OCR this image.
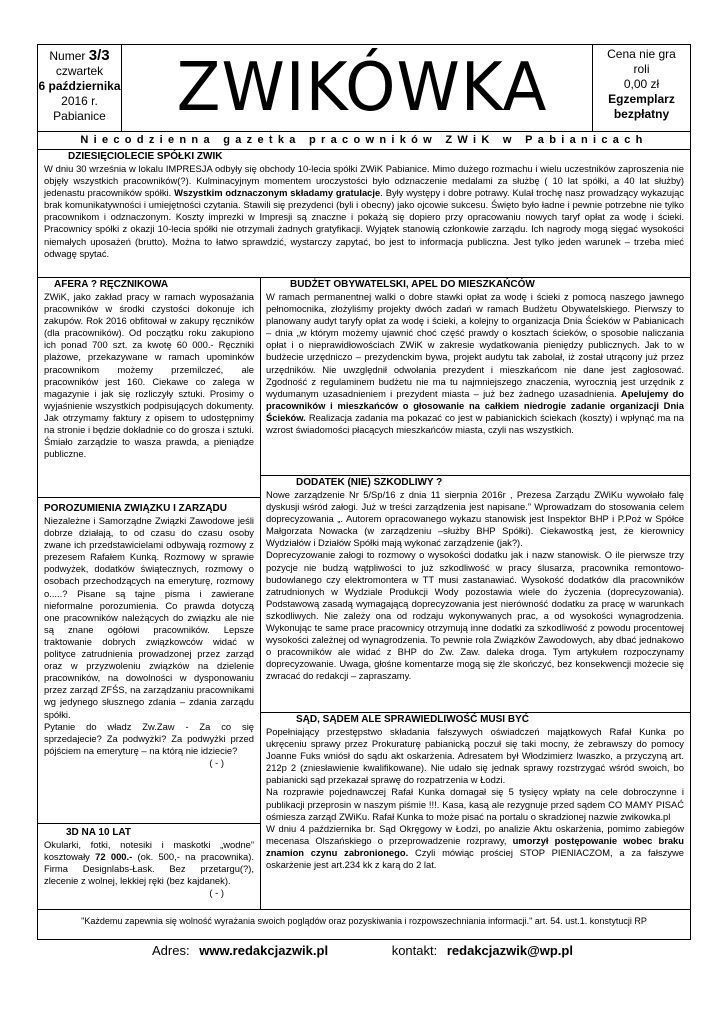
Numer 3/3
czwartek
6 października
2016 r.
Pabianice ZWIKÓWKA	Cena nie gra
roli
0,00 zł
Egzemplarz
bezpłatny
Niecodzienna gazetka pracowników ZWiK w Pabianicach
DZIESIĘCIOLECIE SPÓŁKI ZWIK

W dniu 30 września w lokalu IMPRESJA odbyły się obchody 10-lecia spółki ZWiK Pabianice. Mimo dużego rozmachu i wielu uczestników zaproszenia nie objęły wszystkich pracowników(?). Kulminacyjnym momentem uroczystości było odznaczenie medalami za służbę ( 10 lat spółki, a 40 lat służby) jedenastu pracowników spółki. Wszystkim odznaczonym składamy gratulacje. Były występy i dobre potrawy. Kulał trochę nasz prowadzący wykazując brak komunikatywności i umiejętności czytania. Stawili się prezydenci (byli i obecny) jako ojcowie sukcesu. Święto było ładne i pewnie potrzebne nie tylko pracownikom i odznaczonym. Koszty imprezki w Impresji są znaczne i pokażą się dopiero przy opracowaniu nowych taryf opłat za wodę i ścieki. Pracownicy spółki z okazji 10-lecia spółki nie otrzymali żadnych gratyfikacji. Wyjątek stanowią członkowie zarządu. Ich nagrody mogą sięgać wysokości niemałych uposażeń (brutto). Można to łatwo sprawdzić, wystarczy zapytać, bo jest to informacja publiczna. Jest tylko jeden warunek – trzeba mieć odwagę spytać.

AFERA ? RĘCZNIKOWA

ZWiK, jako zakład pracy w ramach wyposażania pracowników w środki czystości dokonuje ich zakupów. Rok 2016 obfitował w zakupy ręczników (dla pracowników). Od początku roku zakupiono ich ponad 700 szt. za kwotę 60 000.- Ręczniki plażowe, przekazywane w ramach upominków pracownikom możemy przemilczeć, ale pracowników jest 160. Ciekawe co zalega w magazynie i jak się rozliczyły sztuki. Prosimy o wyjaśnienie wszystkich podpisujących dokumenty. Jak otrzymamy faktury z opisem to udostępnimy na stronie i będzie dokładnie co do grosza i sztuki. Śmiało zarządzie to wasza prawda, a pieniądze publiczne.

BUDŻET OBYWATELSKI, APEL DO MIESZKAŃCÓW

W ramach permanentnej walki o dobre stawki opłat za wodę i ścieki z pomocą naszego jawnego pełnomocnika, złożyliśmy projekty dwóch zadań w ramach Budżetu Obywatelskiego. Pierwszy to planowany audyt taryfy opłat za wodę i ścieki, a kolejny to organizacja Dnia Ścieków w Pabianicach – dnia „w którym możemy ujawnić choć część prawdy o kosztach ścieków, o sposobie naliczania opłat i o nieprawidłowościach ZWiK w zakresie wydatkowania pieniędzy publicznych. Jak to w budżecie urzędniczo – prezydenckim bywa, projekt audytu tak zabolał, iż został utrącony już przez urzędników. Nie uwzględnił odwołania prezydent i mieszkańcom nie dane jest zagłosować. Zgodność z regulaminem budżetu nie ma tu najmniejszego znaczenia, wyrocznią jest urzędnik z wydumanym uzasadnieniem i prezydent miasta – już bez żadnego uzasadnienia. Apelujemy do pracowników i mieszkańców o głosowanie na całkiem niedrogie zadanie organizacji Dnia Ścieków. Realizacja zadania ma pokazać co jest w pabianickich ściekach (koszty) i wpłynąć ma na wzrost świadomości płacących mieszkańców miasta, czyli nas wszystkich.

DODATEK (NIE) SZKODLIWY ?

Nowe zarządzenie Nr 5/Sp/16 z dnia 11 sierpnia 2016r , Prezesa Zarządu ZWiKu wywołało falę dyskusji wśród załogi. Już w treści zarządzenia jest napisane.” Wprowadzam do stosowania celem doprecyzowania „. Autorem opracowanego wykazu stanowisk jest Inspektor BHP i P.Poż w Spółce Małgorzata Nowacka (w zarządzeniu –służby BHP Spółki). Ciekawostką jest, że kierownicy Wydziałów i Działów Spółki mają wykonać zarządzenie (jak?).

Doprecyzowanie załogi to rozmowy o wysokości dodatku jak i nazw stanowisk. O ile pierwsze trzy pozycje nie budzą wątpliwości to już szkodliwość w pracy ślusarza, pracownika remontowo-budowlanego czy elektromontera w TT musi zastanawiać. Wysokość dodatków dla pracowników zatrudnionych w Wydziale Produkcji Wody pozostawia wiele do życzenia (doprecyzowania). Podstawową zasadą wymagającą doprecyzowania jest nierówność dodatku za pracę w warunkach szkodliwych. Nie zależy ona od rodzaju wykonywanych prac, a od wysokości wynagrodzenia. Wykonując te same prace pracownicy otrzymują inne dodatki za szkodliwość z powodu procentowej wysokości zależnej od wynagrodzenia. To pewnie rola Związków Zawodowych, aby dbać jednakowo o pracowników ale widać z BHP do Zw. Zaw. daleka droga. Tym artykułem rozpoczynamy doprecyzowanie. Uwaga, głośne komentarze mogą się źle skończyć, bez konsekwencji możecie się zwracać do redakcji – zapraszamy.

POROZUMIENIA ZWIĄZKU I ZARZĄDU

Niezależne i Samorządne Związki Zawodowe jeśli dobrze działają, to od czasu do czasu osoby zwane ich przedstawicielami odbywają rozmowy z prezesem Rafałem Kunką. Rozmowy w sprawie podwyżek, dodatków świątecznych, rozmowy o osobach przechodzących na emeryturę, rozmowy o.....? Pisane są tajne pisma i zawierane nieformalne porozumienia. Co prawda dotyczą one pracowników należących do związku ale nie są znane ogółowi pracowników. Lepsze traktowanie dobrych związkowców widać w polityce zatrudnienia prowadzonej przez zarząd oraz w przyzwoleniu związków na dzielenie pracowników, na dowolności w dysponowaniu przez zarząd ZFŚS, na zarządzaniu pracownikami wg jedynego słusznego zdania – zdania zarządu spółki.

Pytanie do władz Zw.Zaw - Za co się sprzedajecie? Za podwyżki? Za podwyżki przed pójściem na emeryturę – na którą nie idziecie?

( - )

3D NA 10 LAT

Okularki, fotki, notesiki i maskotki „wodne” kosztowały 72 000.- (ok. 500,- na pracownika). Firma Designlabs-Łask. Bez przetargu(?), zlecenie z wolnej, lekkiej ręki (bez kajdanek).

( - )

SĄD, SĄDEM ALE SPRAWIEDLIWOŚĆ MUSI BYĆ

Popełniający przestępstwo składania fałszywych oświadczeń majątkowych Rafał Kunka po ukręceniu sprawy przez Prokuraturę pabianicką poczuł się taki mocny, że zebrawszy do pomocy Joanne Fuks wniósł do sądu akt oskarżenia. Adresatem był Włodzimierz Iwaszko, a przyczyną art. 212p 2 (zniesławienie kwalifikowane). Nie udało się jednak sprawy rozstrzygać wśród swoich, bo pabianicki sąd przekazał sprawę do rozpatrzenia w Łodzi.

Na rozprawie pojednawczej Rafał Kunka domagał się 5 tysięcy wpłaty na cele dobroczynne i publikacji przeprosin w naszym piśmie !!!. Kasa, kasą ale rezygnuje przed sądem CO MAMY PISAĆ ośmiesza zarząd ZWiKu. Rafał Kunka to może pisać na portalu o skradzionej nazwie zwikowka.pl

W dniu 4 października br. Sąd Okręgowy w Łodzi, po analizie Aktu oskarżenia, pomimo zabiegów mecenasa Olszańskiego o przeprowadzenie rozprawy, umorzył postępowanie wobec braku znamion czynu zabronionego. Czyli mówiąc prościej STOP PIENIACZOM, a za fałszywe oskarżenie jest art.234 kk z karą do 2 lat.

"Każdemu zapewnia się wolność wyrażania swoich poglądów oraz pozyskiwania i rozpowszechniania informacji." art. 54. ust.1. konstytucji RP
Adres: www.redakcjazwik.pl	kontakt: redakcjazwik@wp.pl
